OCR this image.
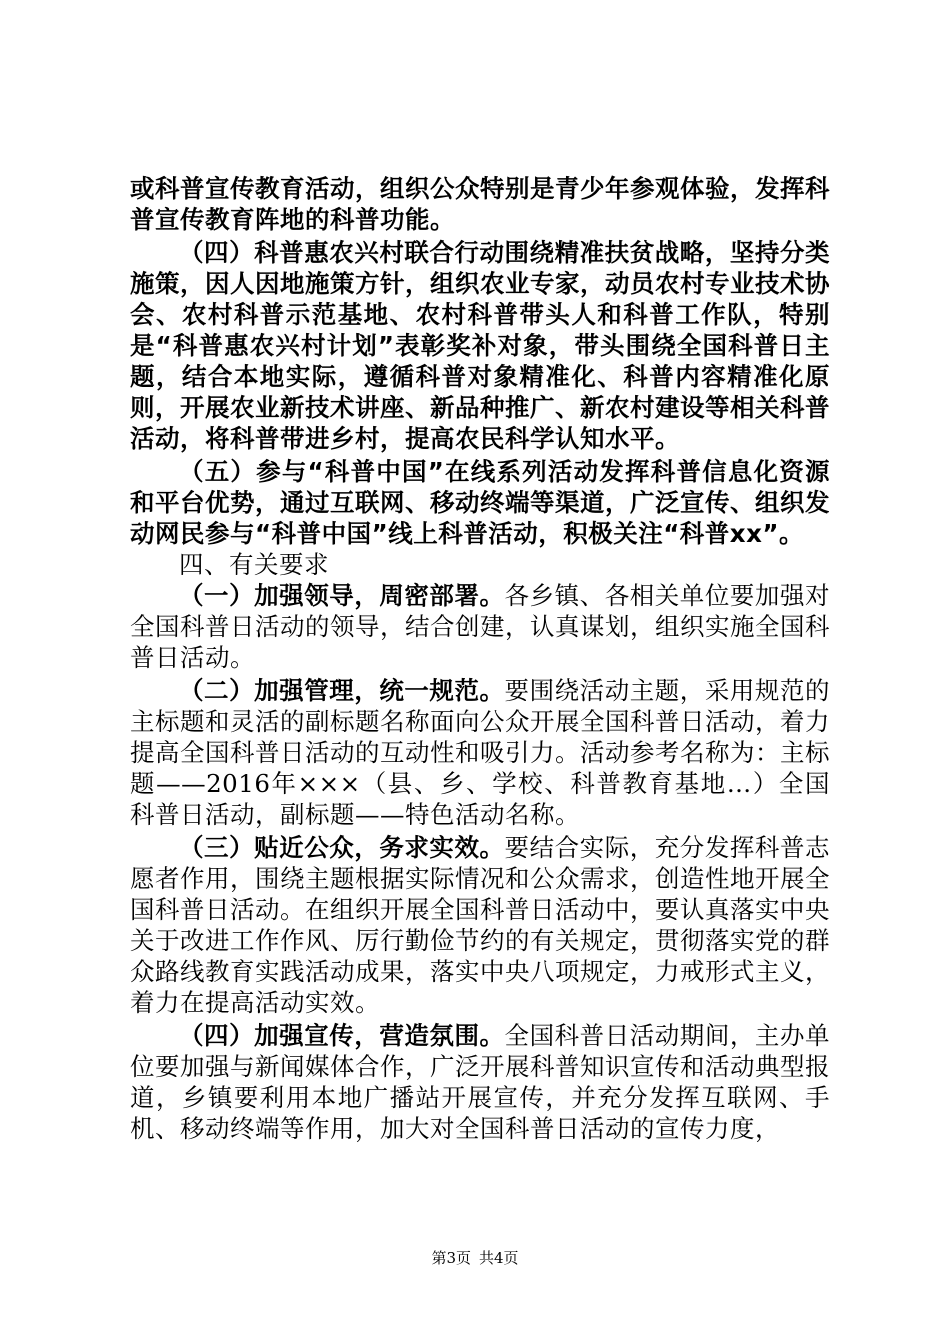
或科普宣传教育活动，组织公众特别是青少年参观体验，发挥科普宣传教育阵地的科普功能。

（四）科普惠农兴村联合行动围绕精准扶贫战略，坚持分类施策，因人因地施策方针，组织农业专家，动员农村专业技术协会、农村科普示范基地、农村科普带头人和科普工作队，特别是“科普惠农兴村计划”表彰奖补对象，带头围绕全国科普日主题，结合本地实际，遵循科普对象精准化、科普内容精准化原则，开展农业新技术讲座、新品种推广、新农村建设等相关科普活动，将科普带进乡村，提高农民科学认知水平。

（五）参与“科普中国”在线系列活动发挥科普信息化资源和平台优势，通过互联网、移动终端等渠道，广泛宣传、组织发动网民参与“科普中国”线上科普活动，积极关注“科普xx”。

四、有关要求

（一）加强领导，周密部署。各乡镇、各相关单位要加强对全国科普日活动的领导，结合创建，认真谋划，组织实施全国科普日活动。

（二）加强管理，统一规范。要围绕活动主题，采用规范的主标题和灵活的副标题名称面向公众开展全国科普日活动，着力提高全国科普日活动的互动性和吸引力。活动参考名称为：主标题——2016年×××（县、乡、学校、科普教育基地…）全国科普日活动，副标题——特色活动名称。

（三）贴近公众，务求实效。要结合实际，充分发挥科普志愿者作用，围绕主题根据实际情况和公众需求，创造性地开展全国科普日活动。在组织开展全国科普日活动中，要认真落实中央关于改进工作作风、厉行勤俭节约的有关规定，贯彻落实党的群众路线教育实践活动成果，落实中央八项规定，力戒形式主义，着力在提高活动实效。

（四）加强宣传，营造氛围。全国科普日活动期间，主办单位要加强与新闻媒体合作，广泛开展科普知识宣传和活动典型报道，乡镇要利用本地广播站开展宣传，并充分发挥互联网、手机、移动终端等作用，加大对全国科普日活动的宣传力度，

第3页 共4页
